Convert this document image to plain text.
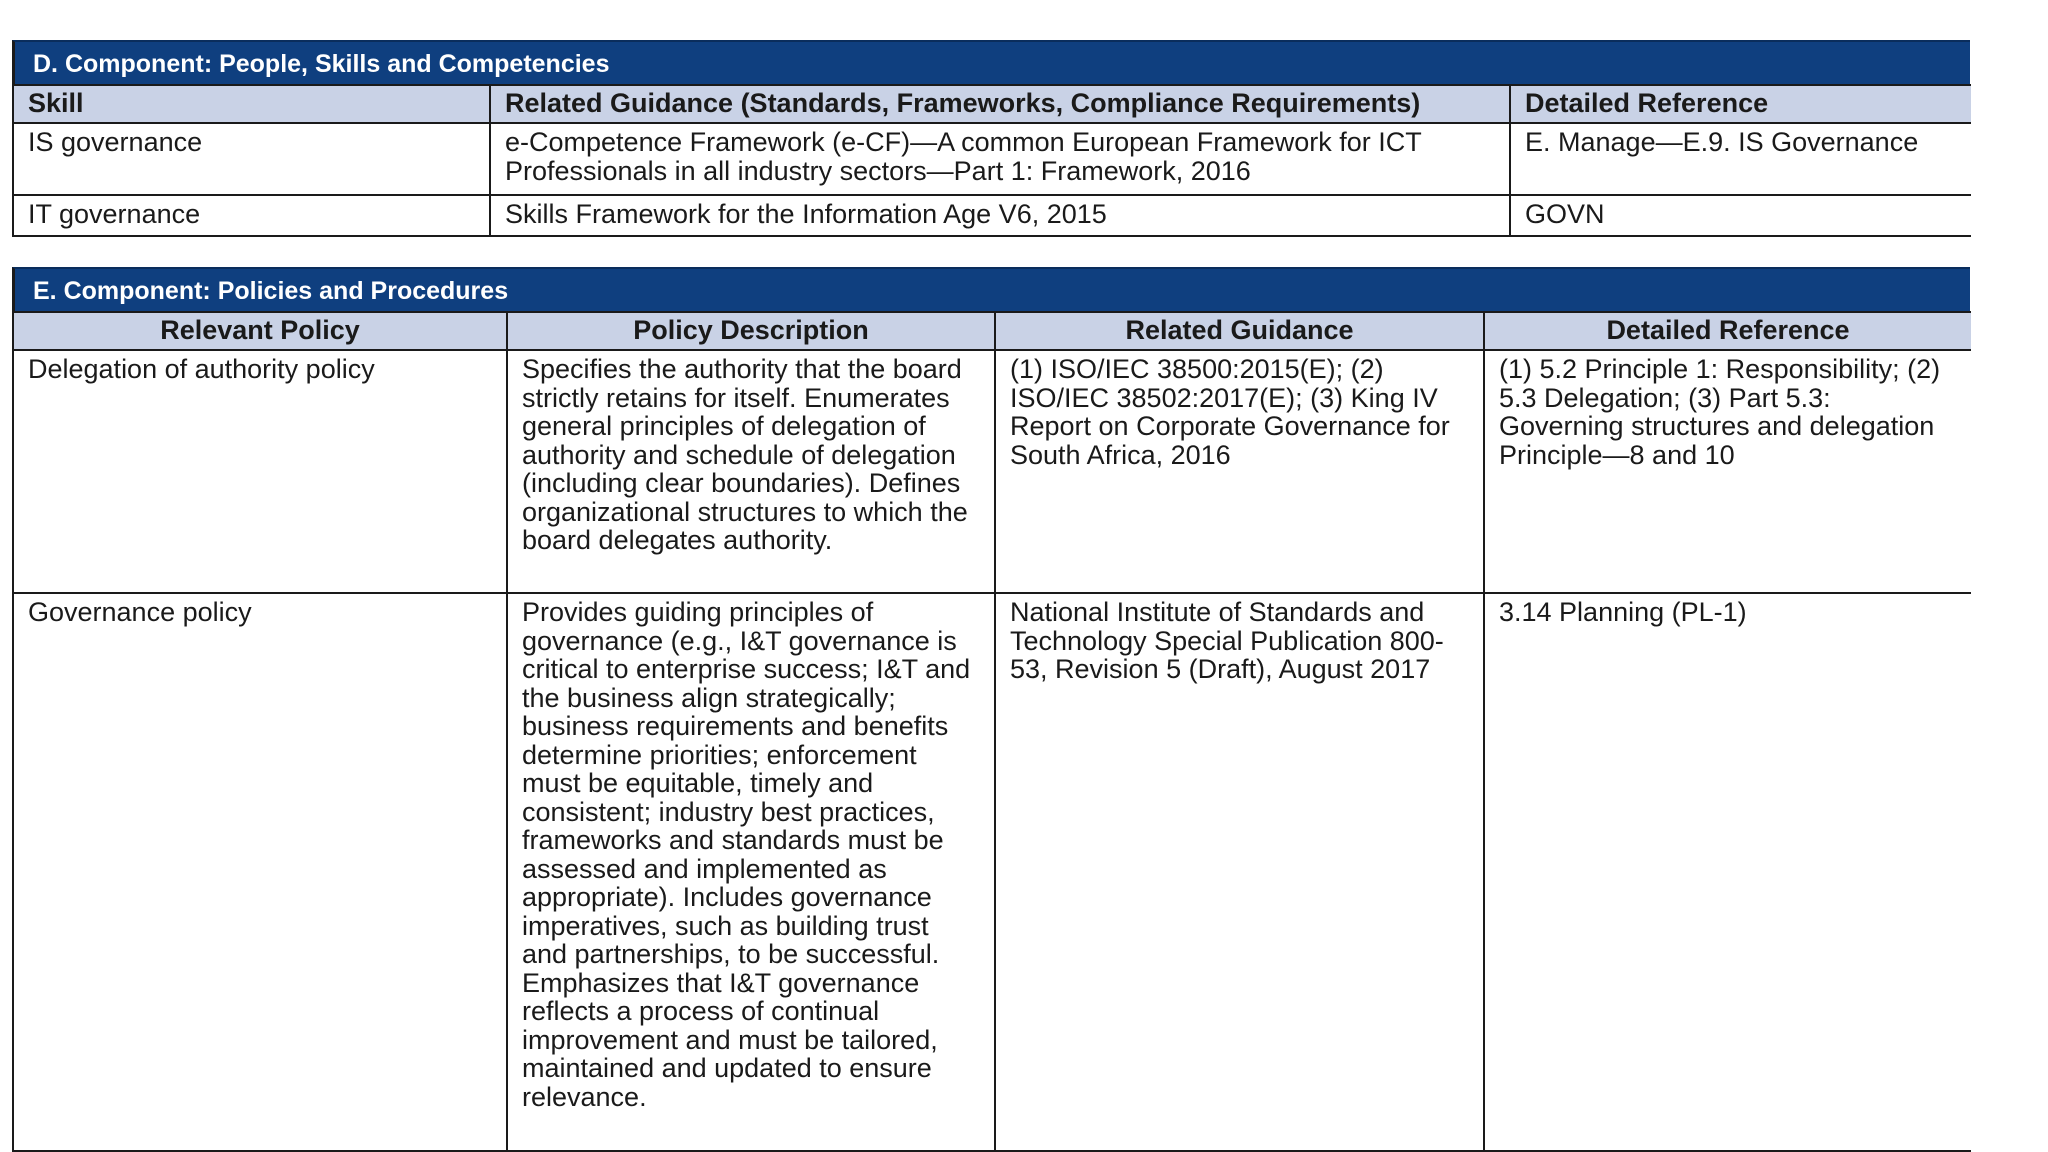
D. Component: People, Skills and Competencies
Skill	Related Guidance (Standards, Frameworks, Compliance Requirements)	Detailed Reference
IS governance	e-Competence Framework (e-CF)—A common European Framework for ICT Professionals in all industry sectors—Part 1: Framework, 2016	E. Manage—E.9. IS Governance
IT governance	Skills Framework for the Information Age V6, 2015	GOVN
E. Component: Policies and Procedures
Relevant Policy	Policy Description	Related Guidance	Detailed Reference
Delegation of authority policy	Specifies the authority that the board strictly retains for itself. Enumerates general principles of delegation of authority and schedule of delegation (including clear boundaries). Defines organizational structures to which the board delegates authority.	(1) ISO/IEC 38500:2015(E); (2) ISO/IEC 38502:2017(E); (3) King IV Report on Corporate Governance for South Africa, 2016	(1) 5.2 Principle 1: Responsibility; (2) 5.3 Delegation; (3) Part 5.3: Governing structures and delegation Principle—8 and 10
Governance policy	Provides guiding principles of governance (e.g., I&T governance is critical to enterprise success; I&T and the business align strategically; business requirements and benefits determine priorities; enforcement must be equitable, timely and consistent; industry best practices, frameworks and standards must be assessed and implemented as appropriate). Includes governance imperatives, such as building trust and partnerships, to be successful. Emphasizes that I&T governance reflects a process of continual improvement and must be tailored, maintained and updated to ensure relevance.	National Institute of Standards and Technology Special Publication 800- 53, Revision 5 (Draft), August 2017	3.14 Planning (PL-1)
